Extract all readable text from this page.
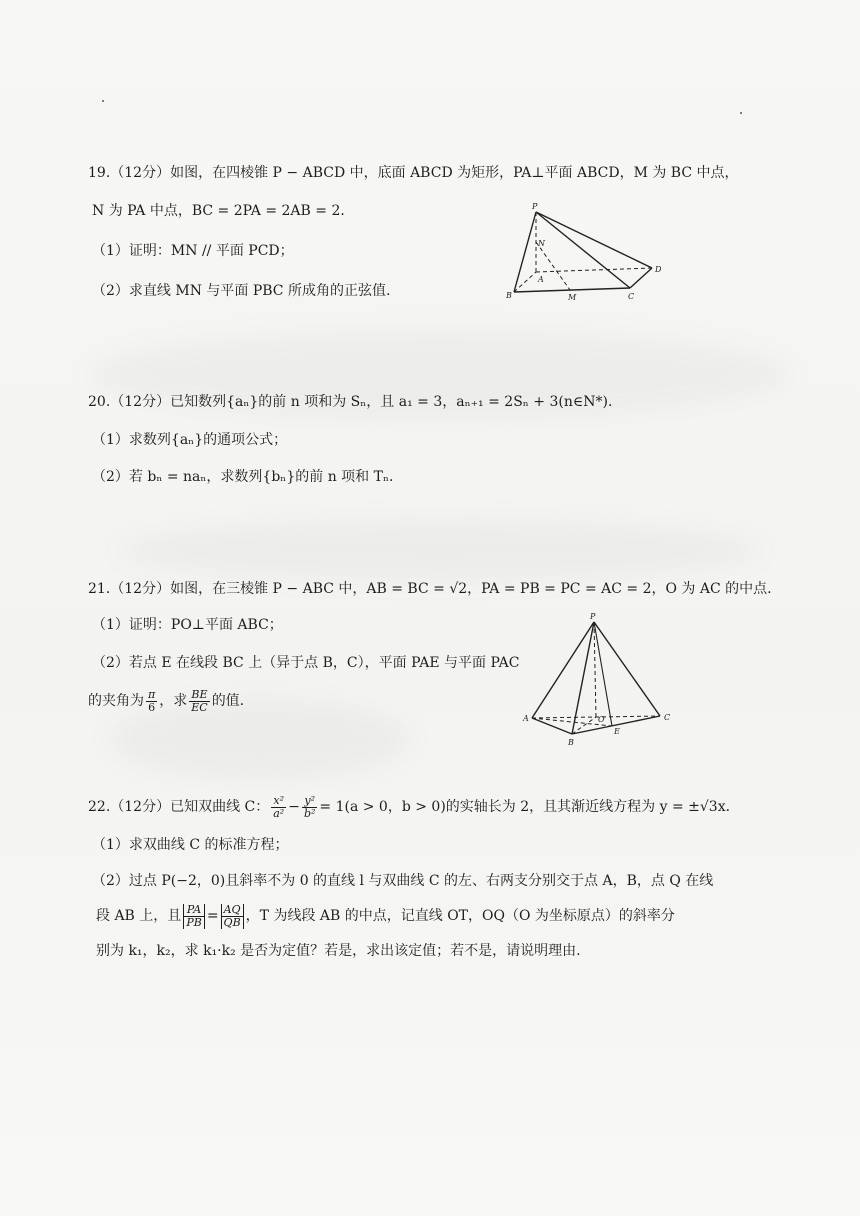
19.（12分）如图，在四棱锥 P − ABCD 中，底面 ABCD 为矩形，PA⊥平面 ABCD，M 为 BC 中点，
N 为 PA 中点，BC = 2PA = 2AB = 2．
（1）证明：MN // 平面 PCD；
（2）求直线 MN 与平面 PBC 所成角的正弦值.
P
N
A
D
B	M	C
20.（12分）已知数列{aₙ}的前 n 项和为 Sₙ，且 a₁ = 3，aₙ₊₁ = 2Sₙ + 3(n∈N*)．
（1）求数列{aₙ}的通项公式；
（2）若 bₙ = naₙ，求数列{bₙ}的前 n 项和 Tₙ．
21.（12分）如图，在三棱锥 P − ABC 中，AB = BC = √2，PA = PB = PC = AC = 2，O 为 AC 的中点.
（1）证明：PO⊥平面 ABC；
（2）若点 E 在线段 BC 上（异于点 B，C），平面 PAE 与平面 PAC
的夹角为 $\frac{\pi}{6}$ ，求 $\frac{BE}{EC}$ 的值.
P
A	O	C
B
E
22.（12分）已知双曲线 C： $\frac{\text{x²}}{\text{a²}} - \frac{\text{y²}}{\text{b²}} = 1(a > 0$，b > 0)的实轴长为 2，且其渐近线方程为 y = ±√3x．
（1）求双曲线 C 的标准方程；
（2）过点 P(−2，0)且斜率不为 0 的直线 l 与双曲线 C 的左、右两支分别交于点 A，B，点 Q 在线
段 AB 上，且 $\frac{PA}{PB} = \frac{AQ}{QB}$ ，T 为线段 AB 的中点，记直线 OT，OQ（O 为坐标原点）的斜率分
别为 k₁，k₂，求 k₁·k₂ 是否为定值？若是，求出该定值；若不是，请说明理由.
